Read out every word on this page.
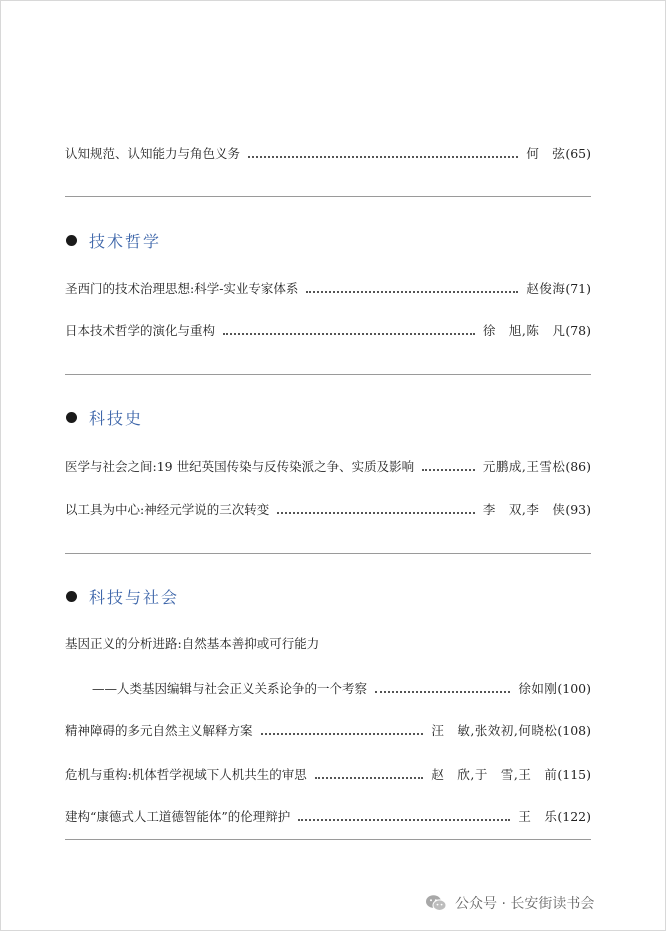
认知规范、认知能力与角色义务	何　弦 (65)
技术哲学
圣西门的技术治理思想:科学-实业专家体系	赵俊海 (71)
日本技术哲学的演化与重构	徐　旭,陈　凡 (78)
科技史
医学与社会之间:19 世纪英国传染与反传染派之争、实质及影响	元鹏成,王雪松 (86)
以工具为中心:神经元学说的三次转变	李　双,李　侠 (93)
科技与社会
基因正义的分析进路:自然基本善抑或可行能力
——人类基因编辑与社会正义关系论争的一个考察	徐如刚 (100)
精神障碍的多元自然主义解释方案	汪　敏,张效初,何晓松 (108)
危机与重构:机体哲学视域下人机共生的审思	赵　欣,于　雪,王　前 (115)
建构“康德式人工道德智能体”的伦理辩护	王　乐 (122)
公众号 · 长安街读书会
